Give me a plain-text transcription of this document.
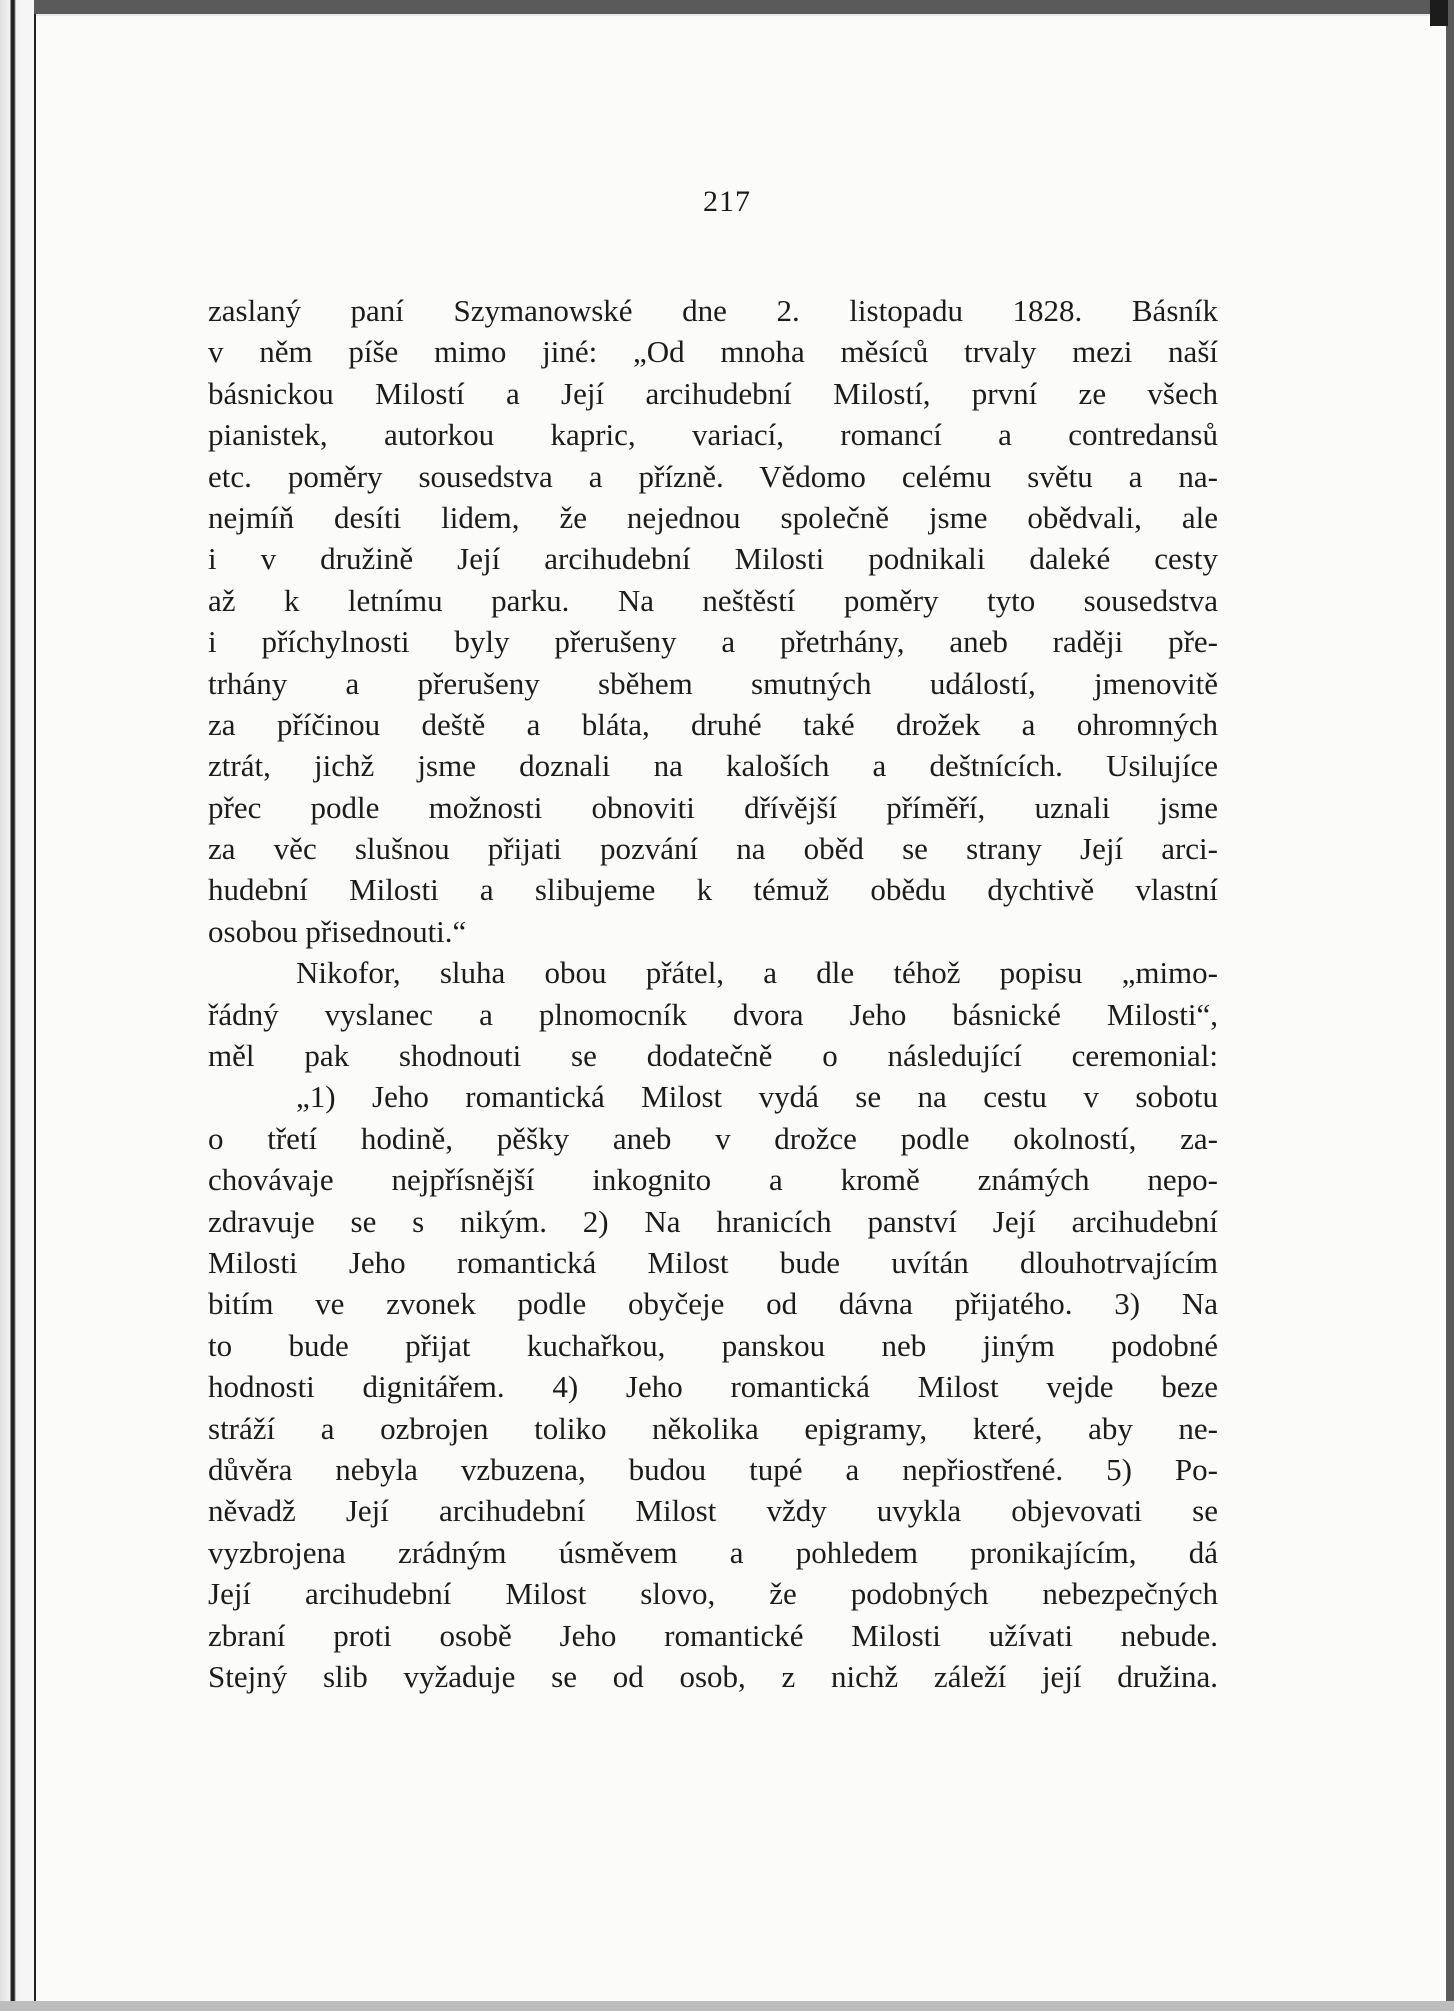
217
zaslaný paní Szymanowské dne 2. listopadu 1828. Básník
v něm píše mimo jiné: „Od mnoha měsíců trvaly mezi naší
básnickou Milostí a Její arcihudební Milostí, první ze všech
pianistek, autorkou kapric, variací, romancí a contredansů
etc. poměry sousedstva a přízně. Vědomo celému světu a na-
nejmíň desíti lidem, že nejednou společně jsme obědvali, ale
i v družině Její arcihudební Milosti podnikali daleké cesty
až k letnímu parku. Na neštěstí poměry tyto sousedstva
i příchylnosti byly přerušeny a přetrhány, aneb raději pře-
trhány a přerušeny sběhem smutných událostí, jmenovitě
za příčinou deště a bláta, druhé také drožek a ohromných
ztrát, jichž jsme doznali na kaloších a deštnících. Usilujíce
přec podle možnosti obnoviti dřívější příměří, uznali jsme
za věc slušnou přijati pozvání na oběd se strany Její arci-
hudební Milosti a slibujeme k témuž obědu dychtivě vlastní
osobou přisednouti.“
Nikofor, sluha obou přátel, a dle téhož popisu „mimo-
řádný vyslanec a plnomocník dvora Jeho básnické Milosti“,
měl pak shodnouti se dodatečně o následující ceremonial:
„1) Jeho romantická Milost vydá se na cestu v sobotu
o třetí hodině, pěšky aneb v drožce podle okolností, za-
chovávaje nejpřísnější inkognito a kromě známých nepo-
zdravuje se s nikým. 2) Na hranicích panství Její arcihudební
Milosti Jeho romantická Milost bude uvítán dlouhotrvajícím
bitím ve zvonek podle obyčeje od dávna přijatého. 3) Na
to bude přijat kuchařkou, panskou neb jiným podobné
hodnosti dignitářem. 4) Jeho romantická Milost vejde beze
stráží a ozbrojen toliko několika epigramy, které, aby ne-
důvěra nebyla vzbuzena, budou tupé a nepřiostřené. 5) Po-
něvadž Její arcihudební Milost vždy uvykla objevovati se
vyzbrojena zrádným úsměvem a pohledem pronikajícím, dá
Její arcihudební Milost slovo, že podobných nebezpečných
zbraní proti osobě Jeho romantické Milosti užívati nebude.
Stejný slib vyžaduje se od osob, z nichž záleží její družina.
